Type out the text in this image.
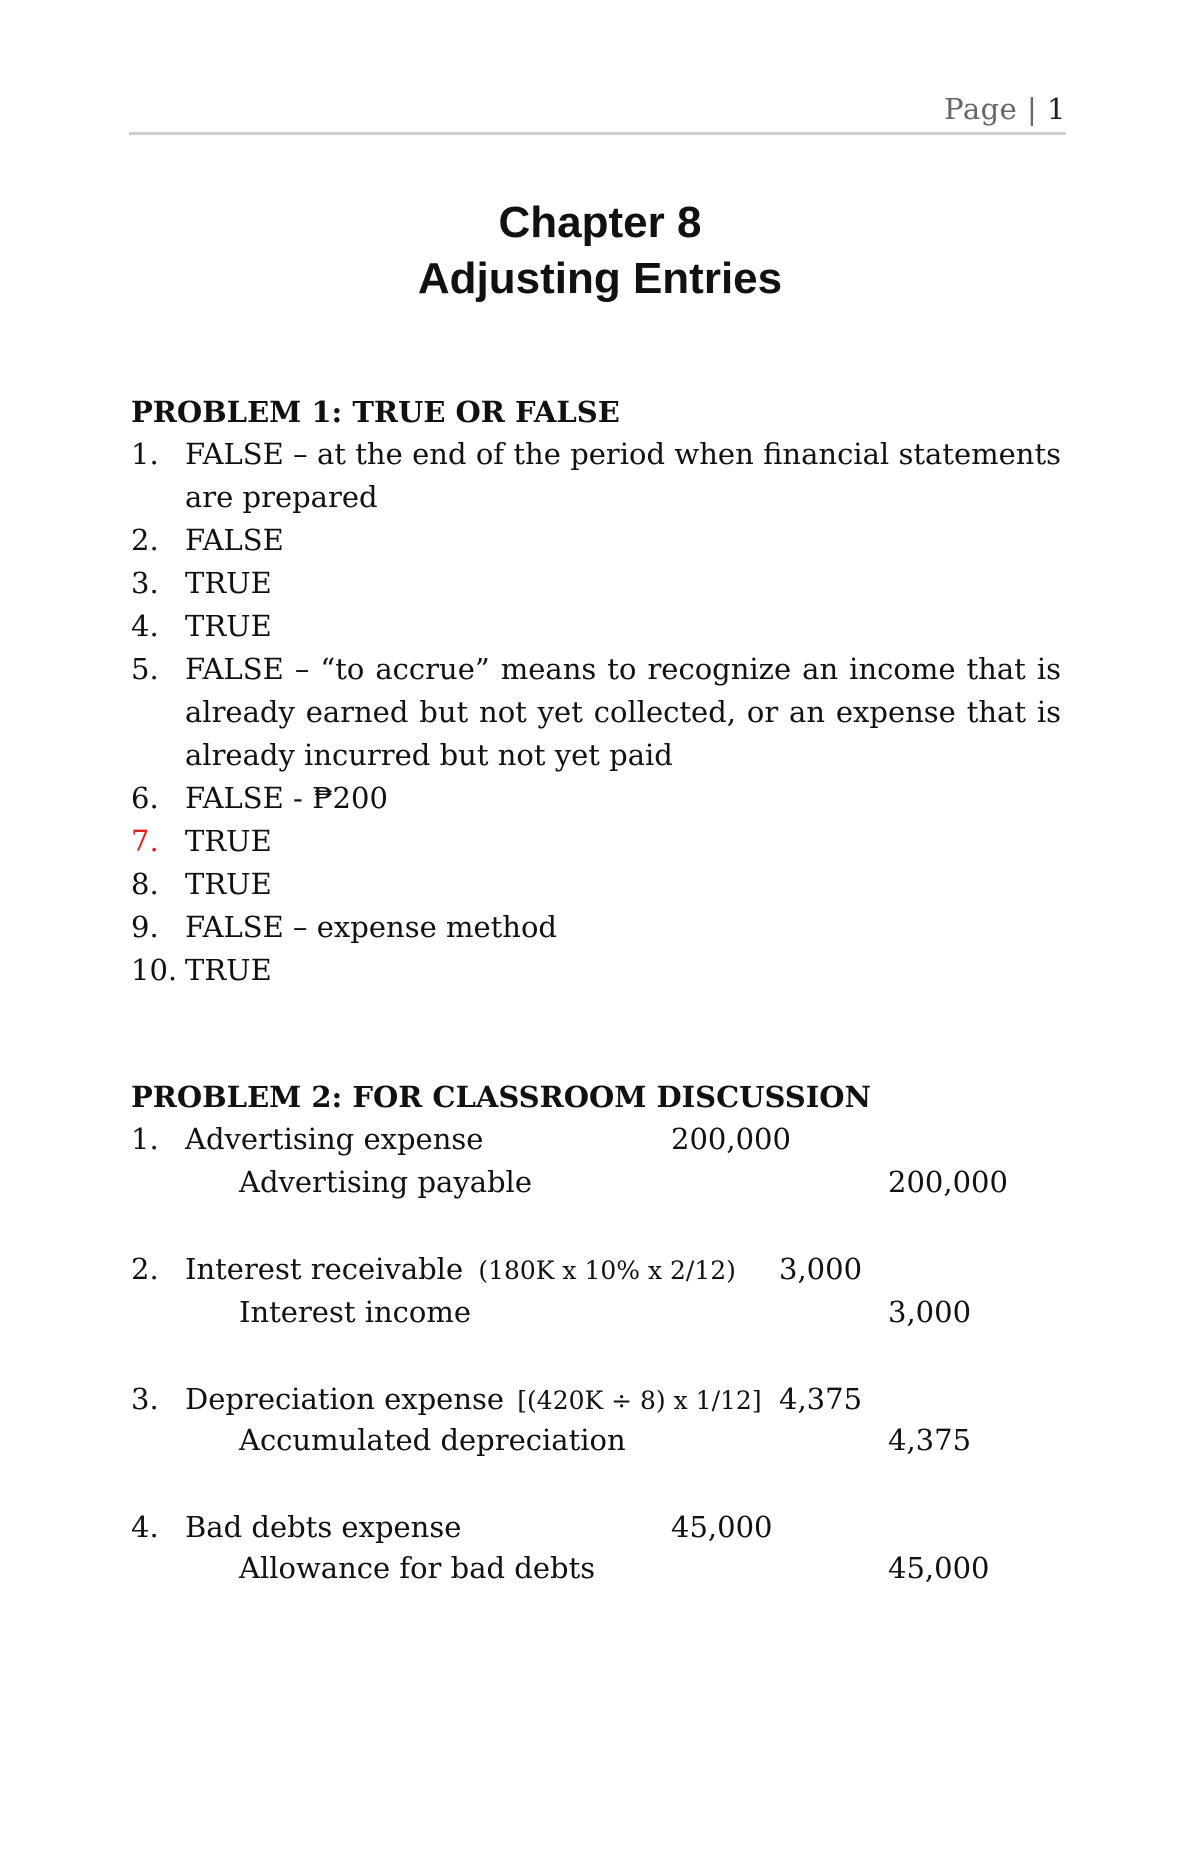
Page | 1
Chapter 8
Adjusting Entries
PROBLEM 1: TRUE OR FALSE
1. FALSE – at the end of the period when financial statements are prepared
2. FALSE
3. TRUE
4. TRUE
5. FALSE – “to accrue” means to recognize an income that is already earned but not yet collected, or an expense that is already incurred but not yet paid
6. FALSE - ₱200
7. TRUE
8. TRUE
9. FALSE – expense method
10. TRUE
PROBLEM 2: FOR CLASSROOM DISCUSSION
1. Advertising expense	200,000
Advertising payable	200,000
2. Interest receivable (180K x 10% x 2/12) 3,000
Interest income	3,000
3. Depreciation expense [(420K ÷ 8) x 1/12] 4,375
Accumulated depreciation	4,375
4. Bad debts expense	45,000
Allowance for bad debts	45,000
